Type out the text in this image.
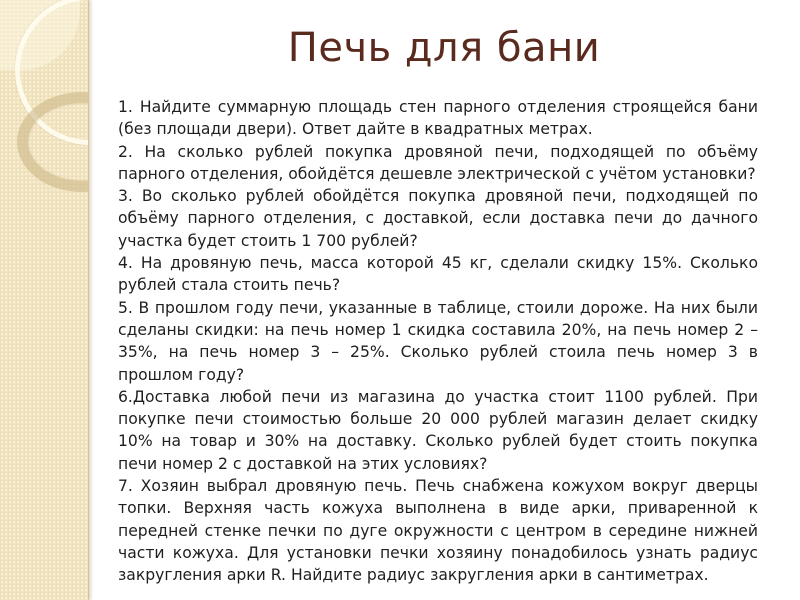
Печь для бани

1. Найдите суммарную площадь стен парного отделения строящейся бани (без площади двери). Ответ дайте в квадратных метрах.

2. На сколько рублей покупка дровяной печи, подходящей по объёму парного отделения, обойдётся дешевле электрической с учётом установки?

3. Во сколько рублей обойдётся покупка дровяной печи, подходящей по объёму парного отделения, с доставкой, если доставка печи до дачного участка будет стоить 1 700 рублей?

4. На дровяную печь, масса которой 45 кг, сделали скидку 15%. Сколько рублей стала стоить печь?

5. В прошлом году печи, указанные в таблице, стоили дороже. На них были сделаны скидки: на печь номер 1 скидка составила 20%, на печь номер 2 – 35%, на печь номер 3 – 25%. Сколько рублей стоила печь номер 3 в прошлом году?

6.Доставка любой печи из магазина до участка стоит 1100 рублей. При покупке печи стоимостью больше 20 000 рублей магазин делает скидку 10% на товар и 30% на доставку. Сколько рублей будет стоить покупка печи номер 2 с доставкой на этих условиях?

7. Хозяин выбрал дровяную печь. Печь снабжена кожухом вокруг дверцы топки. Верхняя часть кожуха выполнена в виде арки, приваренной к передней стенке печки по дуге окружности с центром в середине нижней части кожуха. Для установки печки хозяину понадобилось узнать радиус закругления арки R. Найдите радиус закругления арки в сантиметрах.
